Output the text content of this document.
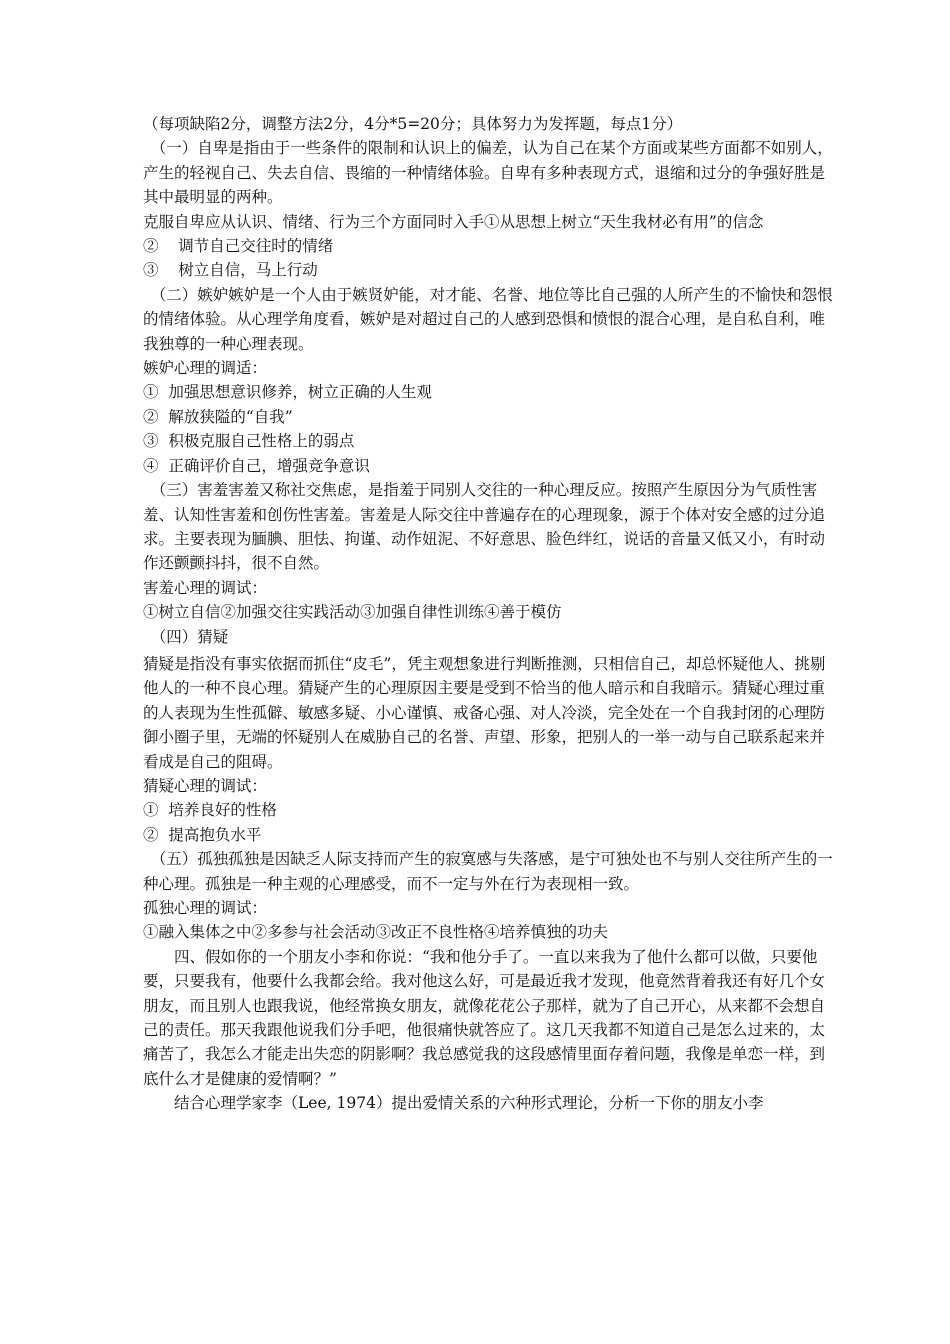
（每项缺陷2分，调整方法2分，4分*5=20分；具体努力为发挥题，每点1分）

（一）自卑是指由于一些条件的限制和认识上的偏差，认为自己在某个方面或某些方面都不如别人，产生的轻视自己、失去自信、畏缩的一种情绪体验。自卑有多种表现方式，退缩和过分的争强好胜是其中最明显的两种。

克服自卑应从认识、情绪、行为三个方面同时入手①从思想上树立“天生我材必有用”的信念

②    调节自己交往时的情绪

③    树立自信，马上行动

（二）嫉妒嫉妒是一个人由于嫉贤妒能，对才能、名誉、地位等比自己强的人所产生的不愉快和怨恨的情绪体验。从心理学角度看，嫉妒是对超过自己的人感到恐惧和愤恨的混合心理，是自私自利，唯我独尊的一种心理表现。

嫉妒心理的调适：

①  加强思想意识修养，树立正确的人生观

②  解放狭隘的“自我”

③  积极克服自己性格上的弱点

④  正确评价自己，增强竞争意识

（三）害羞害羞又称社交焦虑，是指羞于同别人交往的一种心理反应。按照产生原因分为气质性害羞、认知性害羞和创伤性害羞。害羞是人际交往中普遍存在的心理现象，源于个体对安全感的过分追求。主要表现为腼腆、胆怯、拘谨、动作妞泥、不好意思、脸色绊红，说话的音量又低又小，有时动作还颤颤抖抖，很不自然。

害羞心理的调试：

①树立自信②加强交往实践活动③加强自律性训练④善于模仿

（四）猜疑

猜疑是指没有事实依据而抓住“皮毛”，凭主观想象进行判断推测，只相信自己，却总怀疑他人、挑剔他人的一种不良心理。猜疑产生的心理原因主要是受到不恰当的他人暗示和自我暗示。猜疑心理过重的人表现为生性孤僻、敏感多疑、小心谨慎、戒备心强、对人冷淡，完全处在一个自我封闭的心理防御小圈子里，无端的怀疑别人在威胁自己的名誉、声望、形象，把别人的一举一动与自己联系起来并看成是自己的阻碍。

猜疑心理的调试：

①  培养良好的性格

②  提高抱负水平

（五）孤独孤独是因缺乏人际支持而产生的寂寞感与失落感，是宁可独处也不与别人交往所产生的一种心理。孤独是一种主观的心理感受，而不一定与外在行为表现相一致。

孤独心理的调试：

①融入集体之中②多参与社会活动③改正不良性格④培养慎独的功夫

四、假如你的一个朋友小李和你说：“我和他分手了。一直以来我为了他什么都可以做，只要他要，只要我有，他要什么我都会给。我对他这么好，可是最近我才发现，他竟然背着我还有好几个女朋友，而且别人也跟我说，他经常换女朋友，就像花花公子那样，就为了自己开心，从来都不会想自己的责任。那天我跟他说我们分手吧，他很痛快就答应了。这几天我都不知道自己是怎么过来的，太痛苦了，我怎么才能走出失恋的阴影啊？我总感觉我的这段感情里面存着问题，我像是单恋一样，到底什么才是健康的爱情啊？”

结合心理学家李（Lee, 1974）提出爱情关系的六种形式理论，分析一下你的朋友小李
